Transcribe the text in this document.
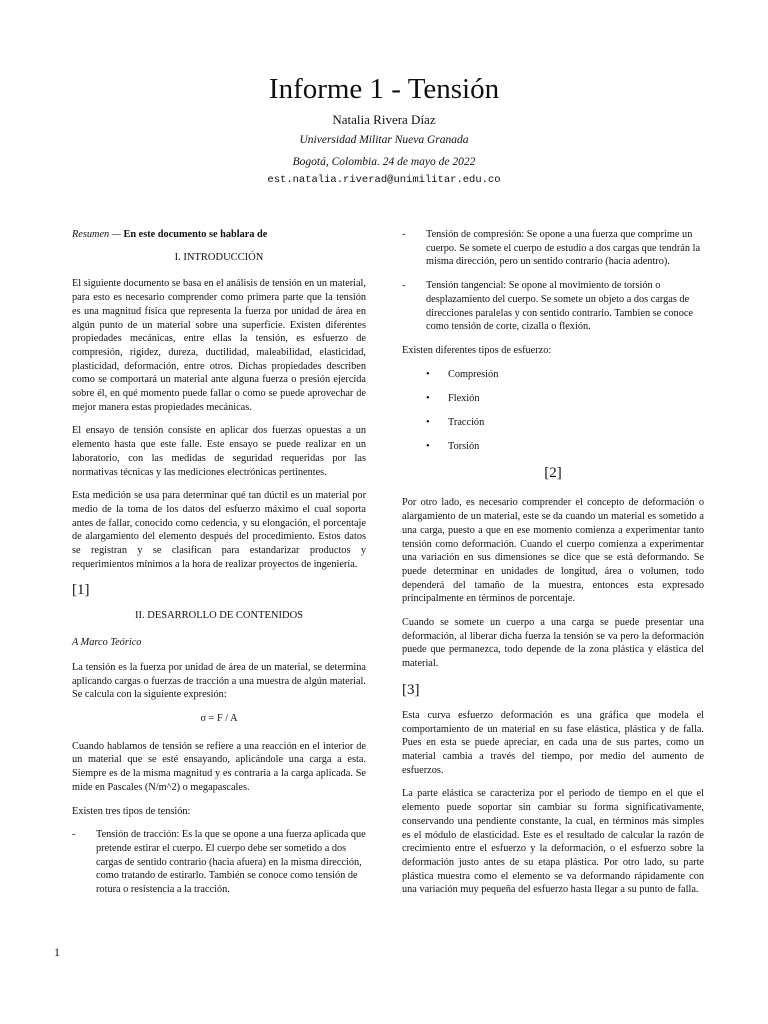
Informe 1 - Tensión
Natalia Rivera Díaz
Universidad Militar Nueva Granada
Bogotá, Colombia. 24 de mayo de 2022
est.natalia.riverad@unimilitar.edu.co

Resumen — En este documento se hablara de

I. INTRODUCCIÓN

El siguiente documento se basa en el análisis de tensión en un material, para esto es necesario comprender como primera parte que la tensión es una magnitud física que representa la fuerza por unidad de área en algún punto de un material sobre una superficie. Existen diferentes propiedades mecánicas, entre ellas la tensión, es esfuerzo de compresión, rigidez, dureza, ductilidad, maleabilidad, elasticidad, plasticidad, deformación, entre otros. Dichas propiedades describen como se comportará un material ante alguna fuerza o presión ejercida sobre él, en qué momento puede fallar o como se puede aprovechar de mejor manera estas propiedades mecánicas.

El ensayo de tensión consiste en aplicar dos fuerzas opuestas a un elemento hasta que este falle. Este ensayo se puede realizar en un laboratorio, con las medidas de seguridad requeridas por las normativas técnicas y las mediciones electrónicas pertinentes.

Esta medición se usa para determinar qué tan dúctil es un material por medio de la toma de los datos del esfuerzo máximo el cual soporta antes de fallar, conocido como cedencia, y su elongación, el porcentaje de alargamiento del elemento después del procedimiento. Estos datos se registran y se clasifican para estandarizar productos y requerimientos mínimos a la hora de realizar proyectos de ingeniería.

[1]
II. DESARROLLO DE CONTENIDOS
A Marco Teórico

La tensión es la fuerza por unidad de área de un material, se determina aplicando cargas o fuerzas de tracción a una muestra de algún material. Se calcula con la siguiente expresión:

σ = F / A

Cuando hablamos de tensión se refiere a una reacción en el interior de un material que se esté ensayando, aplicándole una carga a esta. Siempre es de la misma magnitud y es contraria a la carga aplicada. Se mide en Pascales (N/m^2) o megapascales.

Existen tres tipos de tensión:

- Tensión de tracción: Es la que se opone a una fuerza aplicada que pretende estirar el cuerpo. El cuerpo debe ser sometido a dos cargas de sentido contrario (hacia afuera) en la misma dirección, como tratando de estirarlo. También se conoce como tensión de rotura o resistencia a la tracción.
- Tensión de compresión: Se opone a una fuerza que comprime un cuerpo. Se somete el cuerpo de estudio a dos cargas que tendrán la misma dirección, pero un sentido contrario (hacia adentro).
- Tensión tangencial: Se opone al movimiento de torsión o desplazamiento del cuerpo. Se somete un objeto a dos cargas de direcciones paralelas y con sentido contrario. Tambien se conoce como tensión de corte, cizalla o flexión.

Existen diferentes tipos de esfuerzo:

• Compresión
• Flexión
• Tracción
• Torsión
[2]

Por otro lado, es necesario comprender el concepto de deformación o alargamiento de un material, este se da cuando un material es sometido a una carga, puesto a que en ese momento comienza a experimentar tanto tensión como deformación. Cuando el cuerpo comienza a experimentar una variación en sus dimensiones se dice que se está deformando. Se puede determinar en unidades de longitud, área o volumen, todo dependerá del tamaño de la muestra, entonces esta expresado principalmente en términos de porcentaje.

Cuando se somete un cuerpo a una carga se puede presentar una deformación, al liberar dicha fuerza la tensión se va pero la deformación puede que permanezca, todo depende de la zona plástica y elástica del material.

[3]

Esta curva esfuerzo deformación es una gráfica que modela el comportamiento de un material en su fase elástica, plástica y de falla. Pues en esta se puede apreciar, en cada una de sus partes, como un material cambia a través del tiempo, por medio del aumento de esfuerzos.

La parte elástica se caracteriza por el periodo de tiempo en el que el elemento puede soportar sin cambiar su forma significativamente, conservando una pendiente constante, la cual, en términos más simples es el módulo de elasticidad. Este es el resultado de calcular la razón de crecimiento entre el esfuerzo y la deformación, o el esfuerzo sobre la deformación justo antes de su etapa plástica. Por otro lado, su parte plástica muestra como el elemento se va deformando rápidamente con una variación muy pequeña del esfuerzo hasta llegar a su punto de falla.

1
